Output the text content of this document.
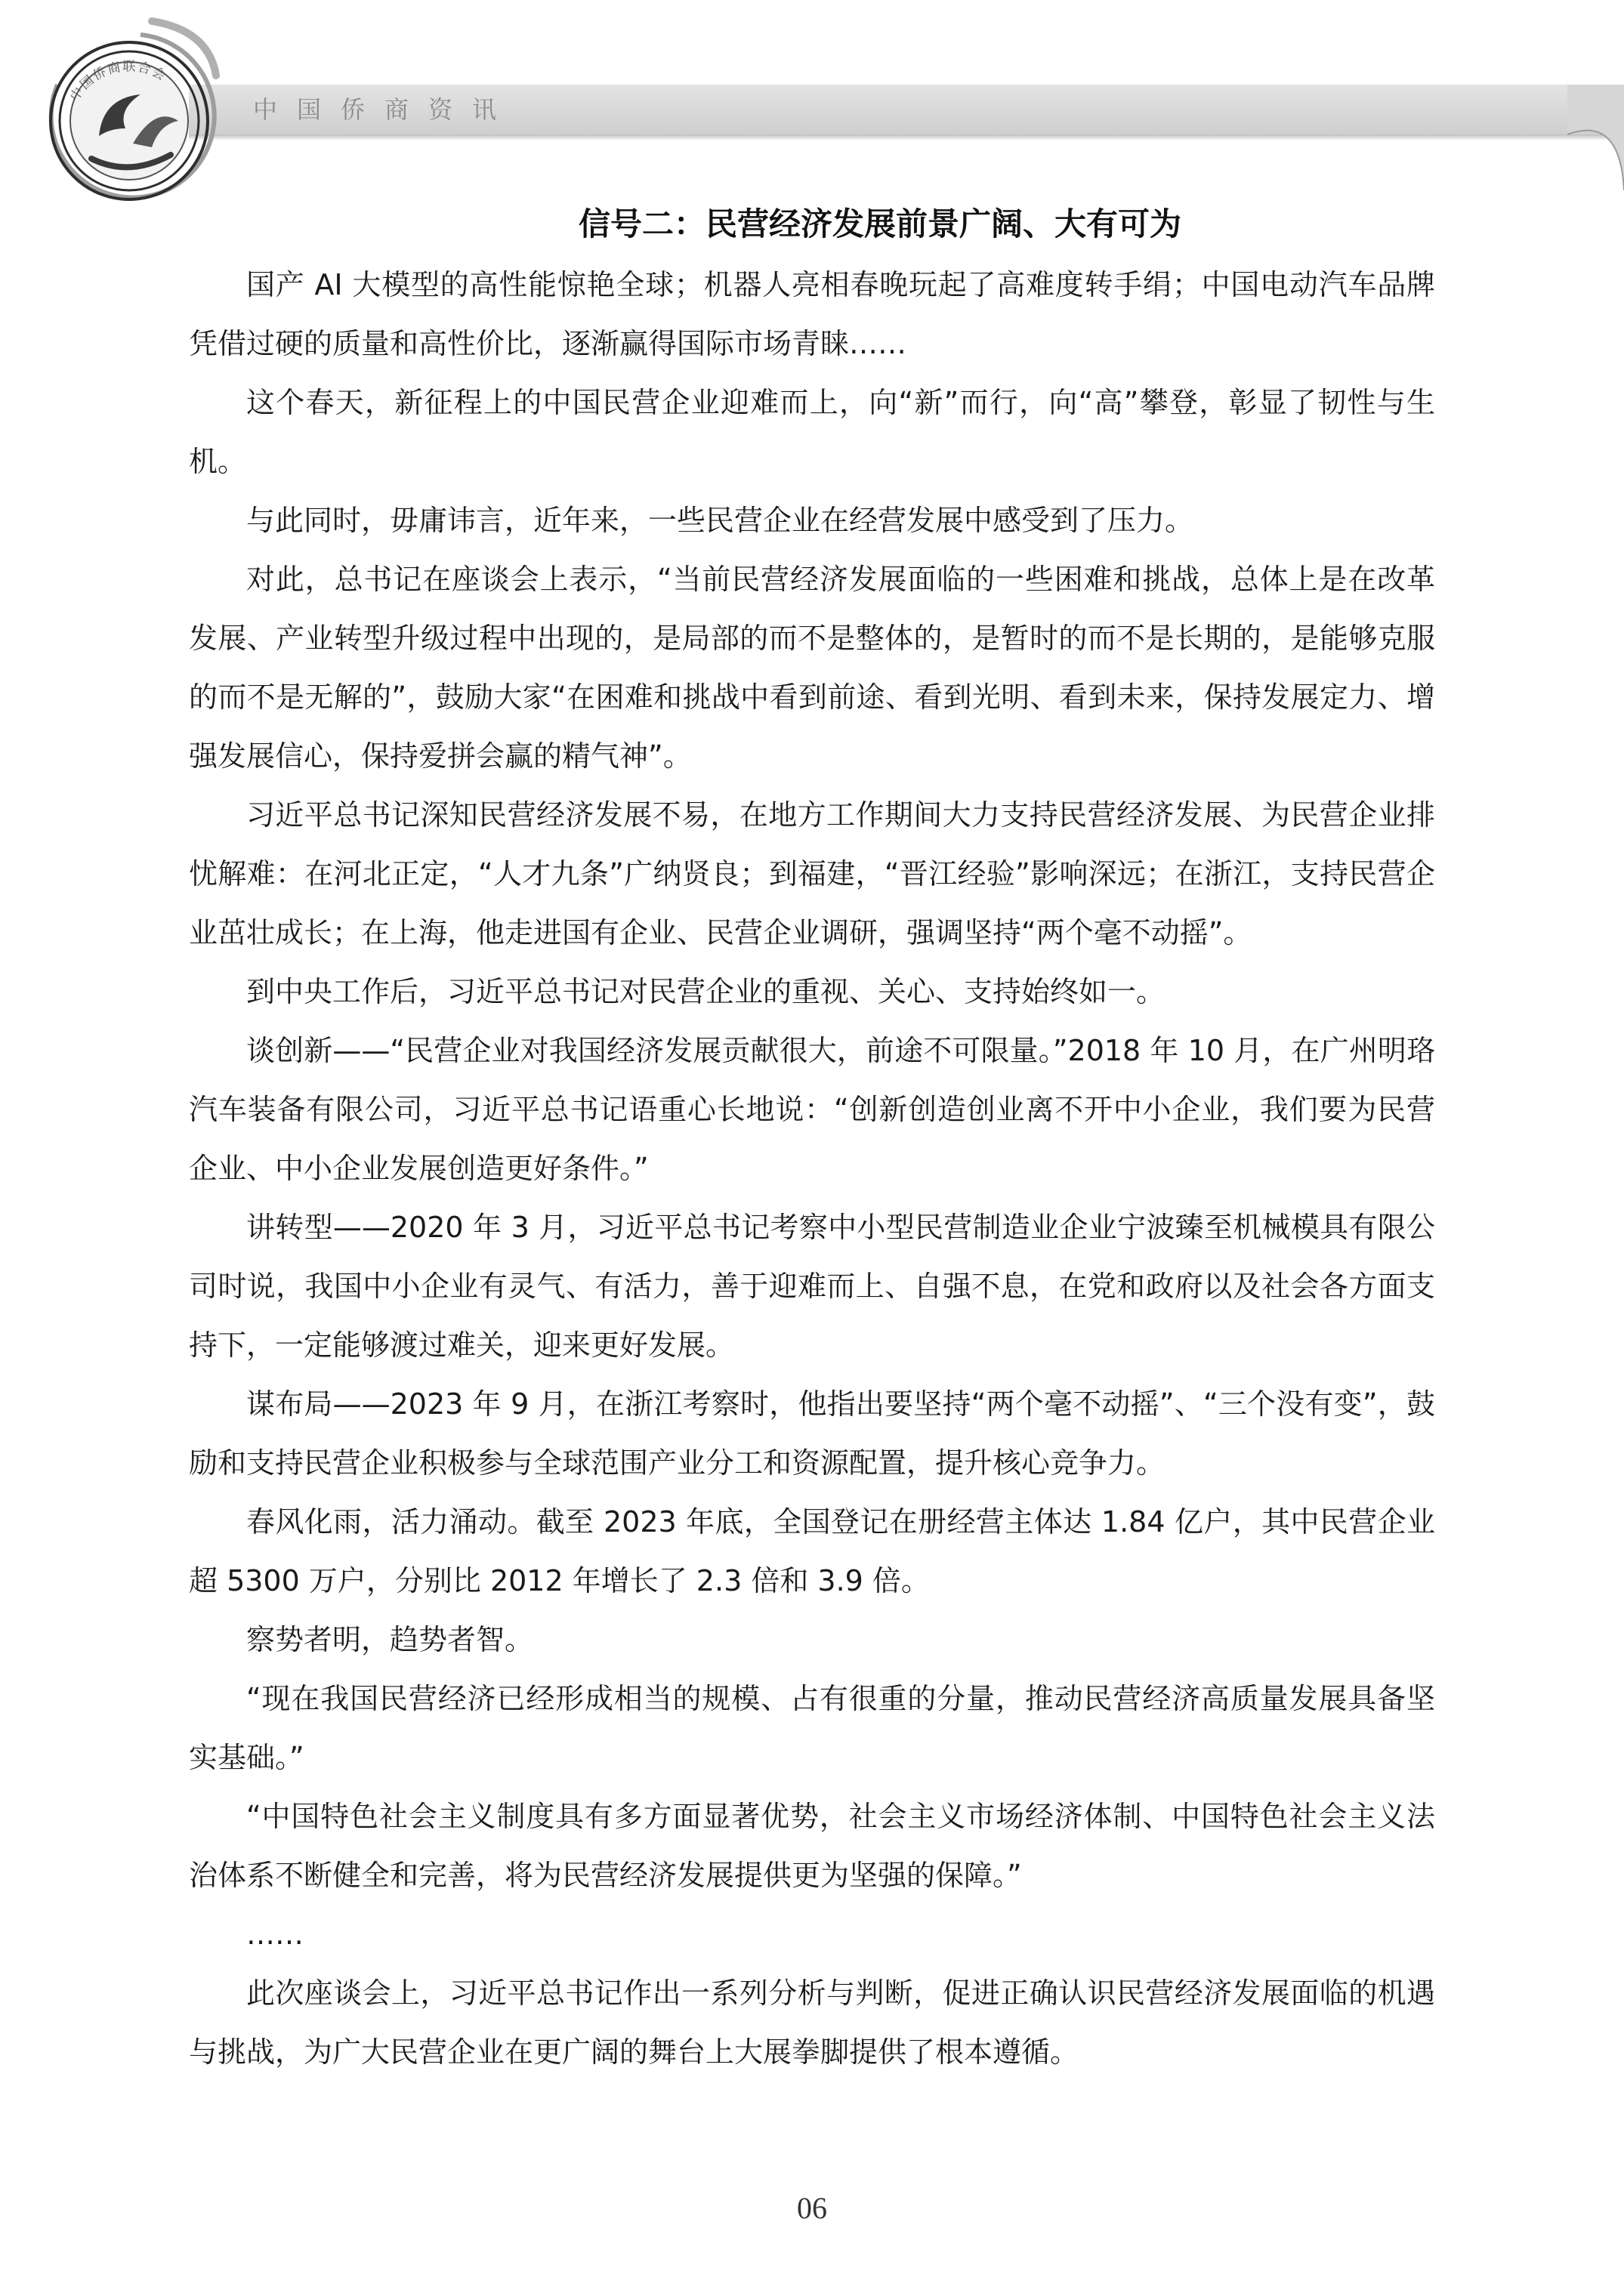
中国侨商资讯
中国侨商联合会
信号二：民营经济发展前景广阔、大有可为

国产 AI 大模型的高性能惊艳全球；机器人亮相春晚玩起了高难度转手绢；中国电动汽车品牌凭借过硬的质量和高性价比，逐渐赢得国际市场青睐……

这个春天，新征程上的中国民营企业迎难而上，向“新”而行，向“高”攀登，彰显了韧性与生机。

与此同时，毋庸讳言，近年来，一些民营企业在经营发展中感受到了压力。

对此，总书记在座谈会上表示，“当前民营经济发展面临的一些困难和挑战，总体上是在改革发展、产业转型升级过程中出现的，是局部的而不是整体的，是暂时的而不是长期的，是能够克服的而不是无解的”，鼓励大家“在困难和挑战中看到前途、看到光明、看到未来，保持发展定力、增强发展信心，保持爱拼会赢的精气神”。

习近平总书记深知民营经济发展不易，在地方工作期间大力支持民营经济发展、为民营企业排忧解难：在河北正定，“人才九条”广纳贤良；到福建，“晋江经验”影响深远；在浙江，支持民营企业茁壮成长；在上海，他走进国有企业、民营企业调研，强调坚持“两个毫不动摇”。

到中央工作后，习近平总书记对民营企业的重视、关心、支持始终如一。

谈创新——“民营企业对我国经济发展贡献很大，前途不可限量。”2018 年 10 月，在广州明珞汽车装备有限公司，习近平总书记语重心长地说：“创新创造创业离不开中小企业，我们要为民营企业、中小企业发展创造更好条件。”

讲转型——2020 年 3 月，习近平总书记考察中小型民营制造业企业宁波臻至机械模具有限公司时说，我国中小企业有灵气、有活力，善于迎难而上、自强不息，在党和政府以及社会各方面支持下，一定能够渡过难关，迎来更好发展。

谋布局——2023 年 9 月，在浙江考察时，他指出要坚持“两个毫不动摇”、“三个没有变”，鼓励和支持民营企业积极参与全球范围产业分工和资源配置，提升核心竞争力。

春风化雨，活力涌动。截至 2023 年底，全国登记在册经营主体达 1.84 亿户，其中民营企业超 5300 万户，分别比 2012 年增长了 2.3 倍和 3.9 倍。

察势者明，趋势者智。

“现在我国民营经济已经形成相当的规模、占有很重的分量，推动民营经济高质量发展具备坚实基础。”

“中国特色社会主义制度具有多方面显著优势，社会主义市场经济体制、中国特色社会主义法治体系不断健全和完善，将为民营经济发展提供更为坚强的保障。”

……

此次座谈会上，习近平总书记作出一系列分析与判断，促进正确认识民营经济发展面临的机遇与挑战，为广大民营企业在更广阔的舞台上大展拳脚提供了根本遵循。

06
